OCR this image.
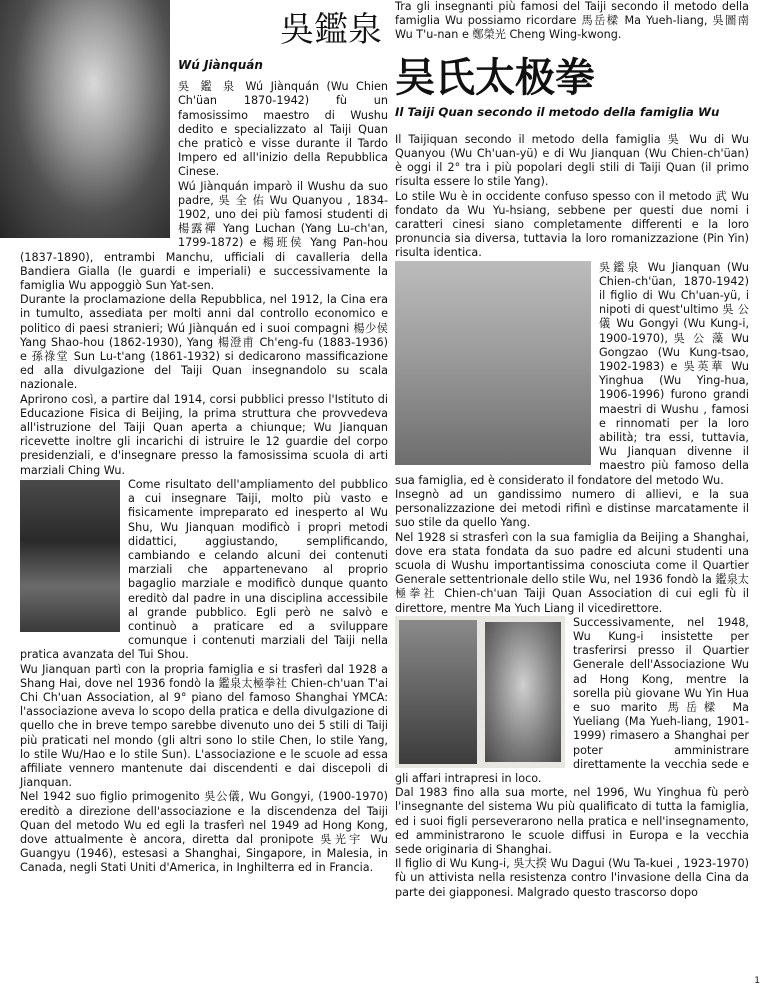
吳鑑泉
Wú Jiànquán

吳 鑑 泉 Wú Jiànquán (Wu Chien Ch'üan 1870-1942) fù un famosissimo maestro di Wushu dedito e specializzato al Taiji Quan che praticò e visse durante il Tardo Impero ed all'inizio della Repubblica Cinese.

Wú Jiànquán imparò il Wushu da suo padre, 吳 全 佑 Wu Quanyou , 1834-1902, uno dei più famosi studenti di 楊露禪 Yang Luchan (Yang Lu-ch'an, 1799-1872) e 楊班侯 Yang Pan-hou (1837-1890), entrambi Manchu, ufficiali di cavalleria della Bandiera Gialla (le guardi e imperiali) e successivamente la famiglia Wu appoggiò Sun Yat-sen.

Durante la proclamazione della Repubblica, nel 1912, la Cina era in tumulto, assediata per molti anni dal controllo economico e politico di paesi stranieri; Wú Jiànquán ed i suoi compagni 楊少侯 Yang Shao-hou (1862-1930), Yang 楊澄甫 Ch'eng-fu (1883-1936) e 孫祿堂 Sun Lu-t'ang (1861-1932) si dedicarono massificazione ed alla divulgazione del Taiji Quan insegnandolo su scala nazionale.

Aprirono così, a partire dal 1914, corsi pubblici presso l'Istituto di Educazione Fisica di Beijing, la prima struttura che provvedeva all'istruzione del Taiji Quan aperta a chiunque; Wu Jianquan ricevette inoltre gli incarichi di istruire le 12 guardie del corpo presidenziali, e d'insegnare presso la famosissima scuola di arti marziali Ching Wu.

Come risultato dell'ampliamento del pubblico a cui insegnare Taiji, molto più vasto e fisicamente impreparato ed inesperto al Wu Shu, Wu Jianquan modificò i propri metodi didattici, aggiustando, semplificando, cambiando e celando alcuni dei contenuti marziali che appartenevano al proprio bagaglio marziale e modificò dunque quanto ereditò dal padre in una disciplina accessibile al grande pubblico. Egli però ne salvò e continuò a praticare ed a sviluppare comunque i contenuti marziali del Taiji nella pratica avanzata del Tui Shou.

Wu Jianquan partì con la propria famiglia e si trasferì dal 1928 a Shang Hai, dove nel 1936 fondò la 鑑泉太極拳社 Chien-ch'uan T'ai Chi Ch'uan Association, al 9° piano del famoso Shanghai YMCA: l'associazione aveva lo scopo della pratica e della divulgazione di quello che in breve tempo sarebbe divenuto uno dei 5 stili di Taiji più praticati nel mondo (gli altri sono lo stile Chen, lo stile Yang, lo stile Wu/Hao e lo stile Sun). L'associazione e le scuole ad essa affiliate vennero mantenute dai discendenti e dai discepoli di Jianquan.

Nel 1942 suo figlio primogenito 吳公儀, Wu Gongyi, (1900-1970) ereditò a direzione dell'associazione e la discendenza del Taiji Quan del metodo Wu ed egli la trasferì nel 1949 ad Hong Kong, dove attualmente è ancora, diretta dal pronipote 吳光宇 Wu Guangyu (1946), estesasi a Shanghai, Singapore, in Malesia, in Canada, negli Stati Uniti d'America, in Inghilterra ed in Francia.

Tra gli insegnanti più famosi del Taiji secondo il metodo della famiglia Wu possiamo ricordare 馬岳樑 Ma Yueh-liang, 吳圖南 Wu T'u-nan e 鄭榮光 Cheng Wing-kwong.

吴氏太极拳
Il Taiji Quan secondo il metodo della famiglia Wu

Il Taijiquan secondo il metodo della famiglia 吳 Wu di Wu Quanyou (Wu Ch'uan-yü) e di Wu Jianquan (Wu Chien-ch'üan) è oggi il 2° tra i più popolari degli stili di Taiji Quan (il primo risulta essere lo stile Yang).

Lo stile Wu è in occidente confuso spesso con il metodo 武 Wu fondato da Wu Yu-hsiang, sebbene per questi due nomi i caratteri cinesi siano completamente differenti e la loro pronuncia sia diversa, tuttavia la loro romanizzazione (Pin Yin) risulta identica.

吳鑑泉 Wu Jianquan (Wu Chien-ch'üan, 1870-1942) il figlio di Wu Ch'uan-yü, i nipoti di quest'ultimo 吳 公 儀 Wu Gongyi (Wu Kung-i, 1900-1970), 吳 公 藻 Wu Gongzao (Wu Kung-tsao, 1902-1983) e 吳英華 Wu Yinghua (Wu Ying-hua, 1906-1996) furono grandi maestri di Wushu , famosi e rinnomati per la loro abilità; tra essi, tuttavia, Wu Jianquan divenne il maestro più famoso della sua famiglia, ed è considerato il fondatore del metodo Wu.

Insegnò ad un gandissimo numero di allievi, e la sua personalizzazione dei metodi rifinì e distinse marcatamente il suo stile da quello Yang.

Nel 1928 si strasferì con la sua famiglia da Beijing a Shanghai, dove era stata fondata da suo padre ed alcuni studenti una scuola di Wushu importantissima conosciuta come il Quartier Generale settentrionale dello stile Wu, nel 1936 fondò la 鑑泉太極拳社 Chien-ch'uan Taiji Quan Association di cui egli fù il direttore, mentre Ma Yuch Liang il vicedirettore.

Successivamente, nel 1948, Wu Kung-i insistette per trasferirsi presso il Quartier Generale dell'Associazione Wu ad Hong Kong, mentre la sorella più giovane Wu Yin Hua e suo marito 馬岳樑 Ma Yueliang (Ma Yueh-liang, 1901-1999) rimasero a Shanghai per poter amministrare direttamente la vecchia sede e gli affari intrapresi in loco.

Dal 1983 fino alla sua morte, nel 1996, Wu Yinghua fù però l'insegnante del sistema Wu più qualificato di tutta la famiglia, ed i suoi figli perseverarono nella pratica e nell'insegnamento, ed amministrarono le scuole diffusi in Europa e la vecchia sede originaria di Shanghai.

Il figlio di Wu Kung-i, 吳大揆 Wu Dagui (Wu Ta-kuei , 1923-1970) fù un attivista nella resistenza contro l'invasione della Cina da parte dei giapponesi. Malgrado questo trascorso dopo

1
